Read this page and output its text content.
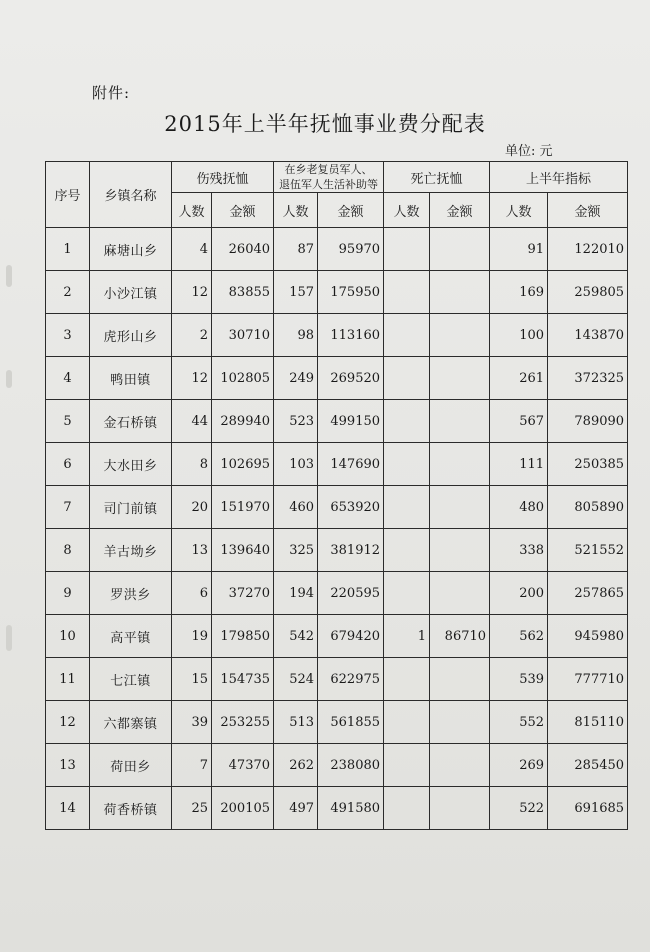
附件:
2015年上半年抚恤事业费分配表
单位: 元
序号	乡镇名称	伤残抚恤		在乡老复员军人、
退伍军人生活补助等		死亡抚恤		上半年指标	
		人数	金额	人数	金额	人数	金额	人数	金额
1	麻塘山乡	4	26040	87	95970			91	122010
2	小沙江镇	12	83855	157	175950			169	259805
3	虎形山乡	2	30710	98	113160			100	143870
4	鸭田镇	12	102805	249	269520			261	372325
5	金石桥镇	44	289940	523	499150			567	789090
6	大水田乡	8	102695	103	147690			111	250385
7	司门前镇	20	151970	460	653920			480	805890
8	羊古坳乡	13	139640	325	381912			338	521552
9	罗洪乡	6	37270	194	220595			200	257865
10	高平镇	19	179850	542	679420	1	86710	562	945980
11	七江镇	15	154735	524	622975			539	777710
12	六都寨镇	39	253255	513	561855			552	815110
13	荷田乡	7	47370	262	238080			269	285450
14	荷香桥镇	25	200105	497	491580			522	691685
